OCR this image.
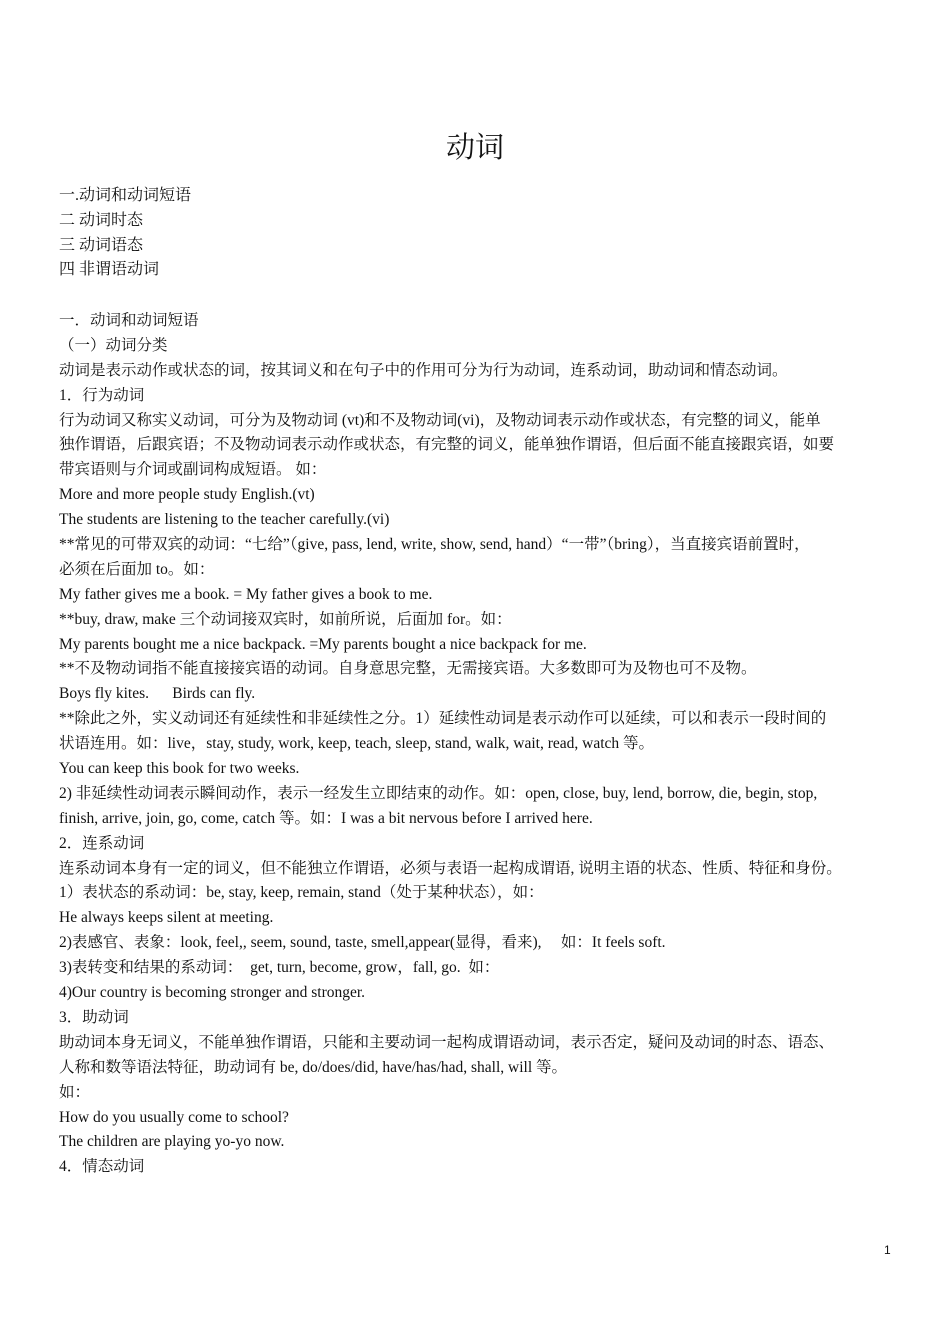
动词
一.动词和动词短语
二 动词时态
三 动词语态
四 非谓语动词
一．动词和动词短语
（一）动词分类
动词是表示动作或状态的词，按其词义和在句子中的作用可分为行为动词，连系动词，助动词和情态动词。
1．行为动词
行为动词又称实义动词，可分为及物动词 (vt)和不及物动词(vi)，及物动词表示动作或状态，有完整的词义，能单
独作谓语，后跟宾语；不及物动词表示动作或状态，有完整的词义，能单独作谓语，但后面不能直接跟宾语，如要
带宾语则与介词或副词构成短语。 如：
More and more people study English.(vt)
The students are listening to the teacher carefully.(vi)
**常见的可带双宾的动词：“七给”（give, pass, lend, write, show, send, hand）“一带”（bring），当直接宾语前置时，
必须在后面加 to。如：
My father gives me a book. = My father gives a book to me.
**buy, draw, make 三个动词接双宾时，如前所说，后面加 for。如：
My parents bought me a nice backpack. =My parents bought a nice backpack for me.
**不及物动词指不能直接接宾语的动词。自身意思完整，无需接宾语。大多数即可为及物也可不及物。
Boys fly kites.      Birds can fly.
**除此之外，实义动词还有延续性和非延续性之分。1）延续性动词是表示动作可以延续，可以和表示一段时间的
状语连用。如：live，stay, study, work, keep, teach, sleep, stand, walk, wait, read, watch 等。
You can keep this book for two weeks.
2) 非延续性动词表示瞬间动作，表示一经发生立即结束的动作。如：open, close, buy, lend, borrow, die, begin, stop,
finish, arrive, join, go, come, catch 等。如：I was a bit nervous before I arrived here.
2．连系动词
连系动词本身有一定的词义，但不能独立作谓语，必须与表语一起构成谓语, 说明主语的状态、性质、特征和身份。
1）表状态的系动词：be, stay, keep, remain, stand（处于某种状态），如：
He always keeps silent at meeting.
2)表感官、表象：look, feel,, seem, sound, taste, smell,appear(显得，看来),     如：It feels soft.
3)表转变和结果的系动词：  get, turn, become, grow，fall, go.  如：
4)Our country is becoming stronger and stronger.
3．助动词
助动词本身无词义，不能单独作谓语，只能和主要动词一起构成谓语动词，表示否定，疑问及动词的时态、语态、
人称和数等语法特征，助动词有 be, do/does/did, have/has/had, shall, will 等。
如：
How do you usually come to school?
The children are playing yo-yo now.
4．情态动词
1
